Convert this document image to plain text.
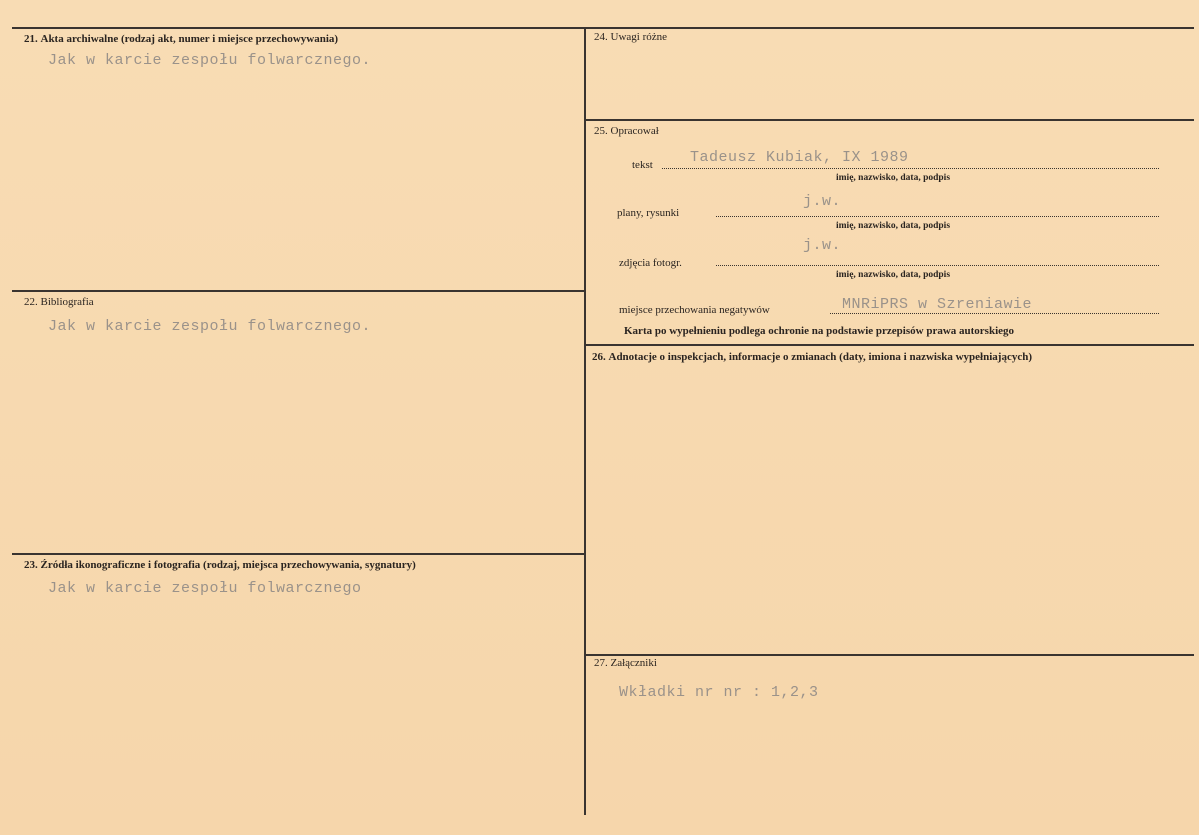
21. Akta archiwalne (rodzaj akt, numer i miejsce przechowywania)
Jak w karcie zespołu folwarcznego.
22. Bibliografia
Jak w karcie zespołu folwarcznego.
23. Źródła ikonograficzne i fotografia (rodzaj, miejsca przechowywania, sygnatury)
Jak w karcie zespołu folwarcznego
24. Uwagi różne
25. Opracował
tekst Tadeusz Kubiak, IX 1989
imię, nazwisko, data, podpis
plany, rysunki
j.w.
imię, nazwisko, data, podpis
zdjęcia fotogr.
j.w.
imię, nazwisko, data, podpis
miejsce przechowania negatywów	MNRiPRS w Szreniawie
Karta po wypełnieniu podlega ochronie na podstawie przepisów prawa autorskiego
26. Adnotacje o inspekcjach, informacje o zmianach (daty, imiona i nazwiska wypełniających)
27. Załączniki
Wkładki nr nr : 1,2,3
